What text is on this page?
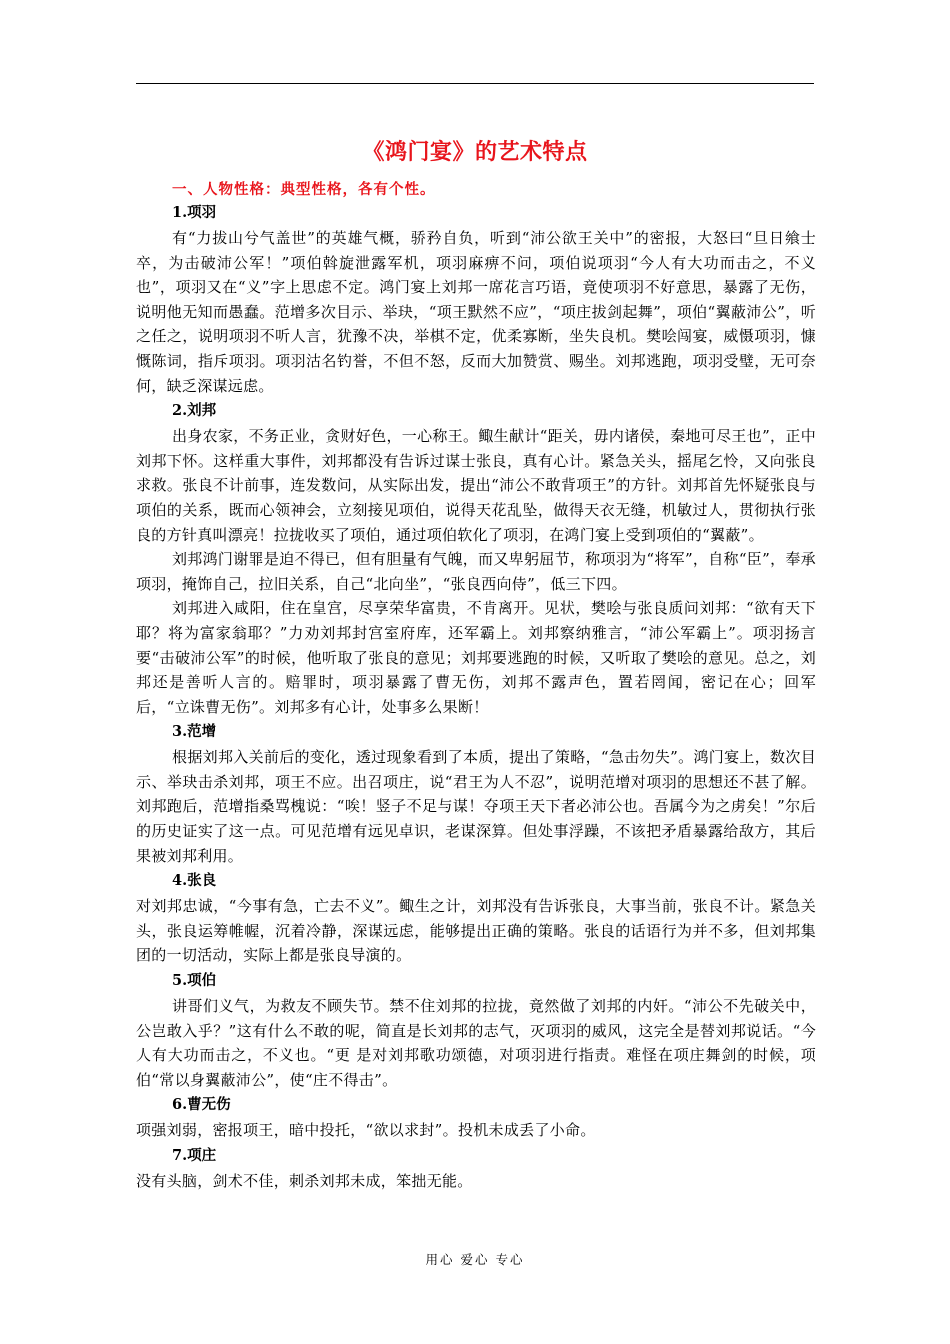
《鸿门宴》的艺术特点
一、人物性格：典型性格，各有个性。
1.项羽
有“力拔山兮气盖世”的英雄气概，骄矜自负，听到“沛公欲王关中”的密报，大怒曰“旦日飨士卒，为击破沛公军！”项伯斡旋泄露军机，项羽麻痹不问，项伯说项羽“今人有大功而击之，不义也”，项羽又在“义”字上思虑不定。鸿门宴上刘邦一席花言巧语，竟使项羽不好意思，暴露了无伤，说明他无知而愚蠢。范增多次目示、举玦，“项王默然不应”，“项庄拔剑起舞”，项伯“翼蔽沛公”，听之任之，说明项羽不听人言，犹豫不决，举棋不定，优柔寡断，坐失良机。樊哙闯宴，威慑项羽，慷慨陈词，指斥项羽。项羽沽名钓誉，不但不怒，反而大加赞赏、赐坐。刘邦逃跑，项羽受璧，无可奈何，缺乏深谋远虑。
2.刘邦
出身农家，不务正业，贪财好色，一心称王。鲰生献计“距关，毋内诸侯，秦地可尽王也”，正中刘邦下怀。这样重大事件，刘邦都没有告诉过谋士张良，真有心计。紧急关头，摇尾乞怜，又向张良求救。张良不计前事，连发数问，从实际出发，提出“沛公不敢背项王”的方针。刘邦首先怀疑张良与项伯的关系，既而心领神会，立刻接见项伯，说得天花乱坠，做得天衣无缝，机敏过人，贯彻执行张良的方针真叫漂亮！拉拢收买了项伯，通过项伯软化了项羽，在鸿门宴上受到项伯的“翼蔽”。
刘邦鸿门谢罪是迫不得已，但有胆量有气魄，而又卑躬屈节，称项羽为“将军”，自称“臣”，奉承项羽，掩饰自己，拉旧关系，自己“北向坐”，“张良西向侍”，低三下四。
刘邦进入咸阳，住在皇宫，尽享荣华富贵，不肯离开。见状，樊哙与张良质问刘邦：“欲有天下耶？将为富家翁耶？”力劝刘邦封宫室府库，还军霸上。刘邦察纳雅言，“沛公军霸上”。项羽扬言要“击破沛公军”的时候，他听取了张良的意见；刘邦要逃跑的时候，又听取了樊哙的意见。总之，刘邦还是善听人言的。赔罪时，项羽暴露了曹无伤，刘邦不露声色，置若罔闻，密记在心；回军后，“立诛曹无伤”。刘邦多有心计，处事多么果断！
3.范增
根据刘邦入关前后的变化，透过现象看到了本质，提出了策略，“急击勿失”。鸿门宴上，数次目示、举玦击杀刘邦，项王不应。出召项庄，说“君王为人不忍”，说明范增对项羽的思想还不甚了解。刘邦跑后，范增指桑骂槐说：“唉！竖子不足与谋！夺项王天下者必沛公也。吾属今为之虏矣！”尔后的历史证实了这一点。可见范增有远见卓识，老谋深算。但处事浮躁，不该把矛盾暴露给敌方，其后果被刘邦利用。
4.张良
对刘邦忠诚，“今事有急，亡去不义”。鲰生之计，刘邦没有告诉张良，大事当前，张良不计。紧急关头，张良运筹帷幄，沉着冷静，深谋远虑，能够提出正确的策略。张良的话语行为并不多，但刘邦集团的一切活动，实际上都是张良导演的。
5.项伯
讲哥们义气，为救友不顾失节。禁不住刘邦的拉拢，竟然做了刘邦的内奸。“沛公不先破关中，公岂敢入乎？”这有什么不敢的呢，简直是长刘邦的志气，灭项羽的威风，这完全是替刘邦说话。“今人有大功而击之，不义也。“更 是对刘邦歌功颂德，对项羽进行指责。难怪在项庄舞剑的时候，项伯“常以身翼蔽沛公”，使“庄不得击”。
6.曹无伤
项强刘弱，密报项王，暗中投托，“欲以求封”。投机未成丢了小命。
7.项庄
没有头脑，剑术不佳，刺杀刘邦未成，笨拙无能。
用心 爱心 专心
